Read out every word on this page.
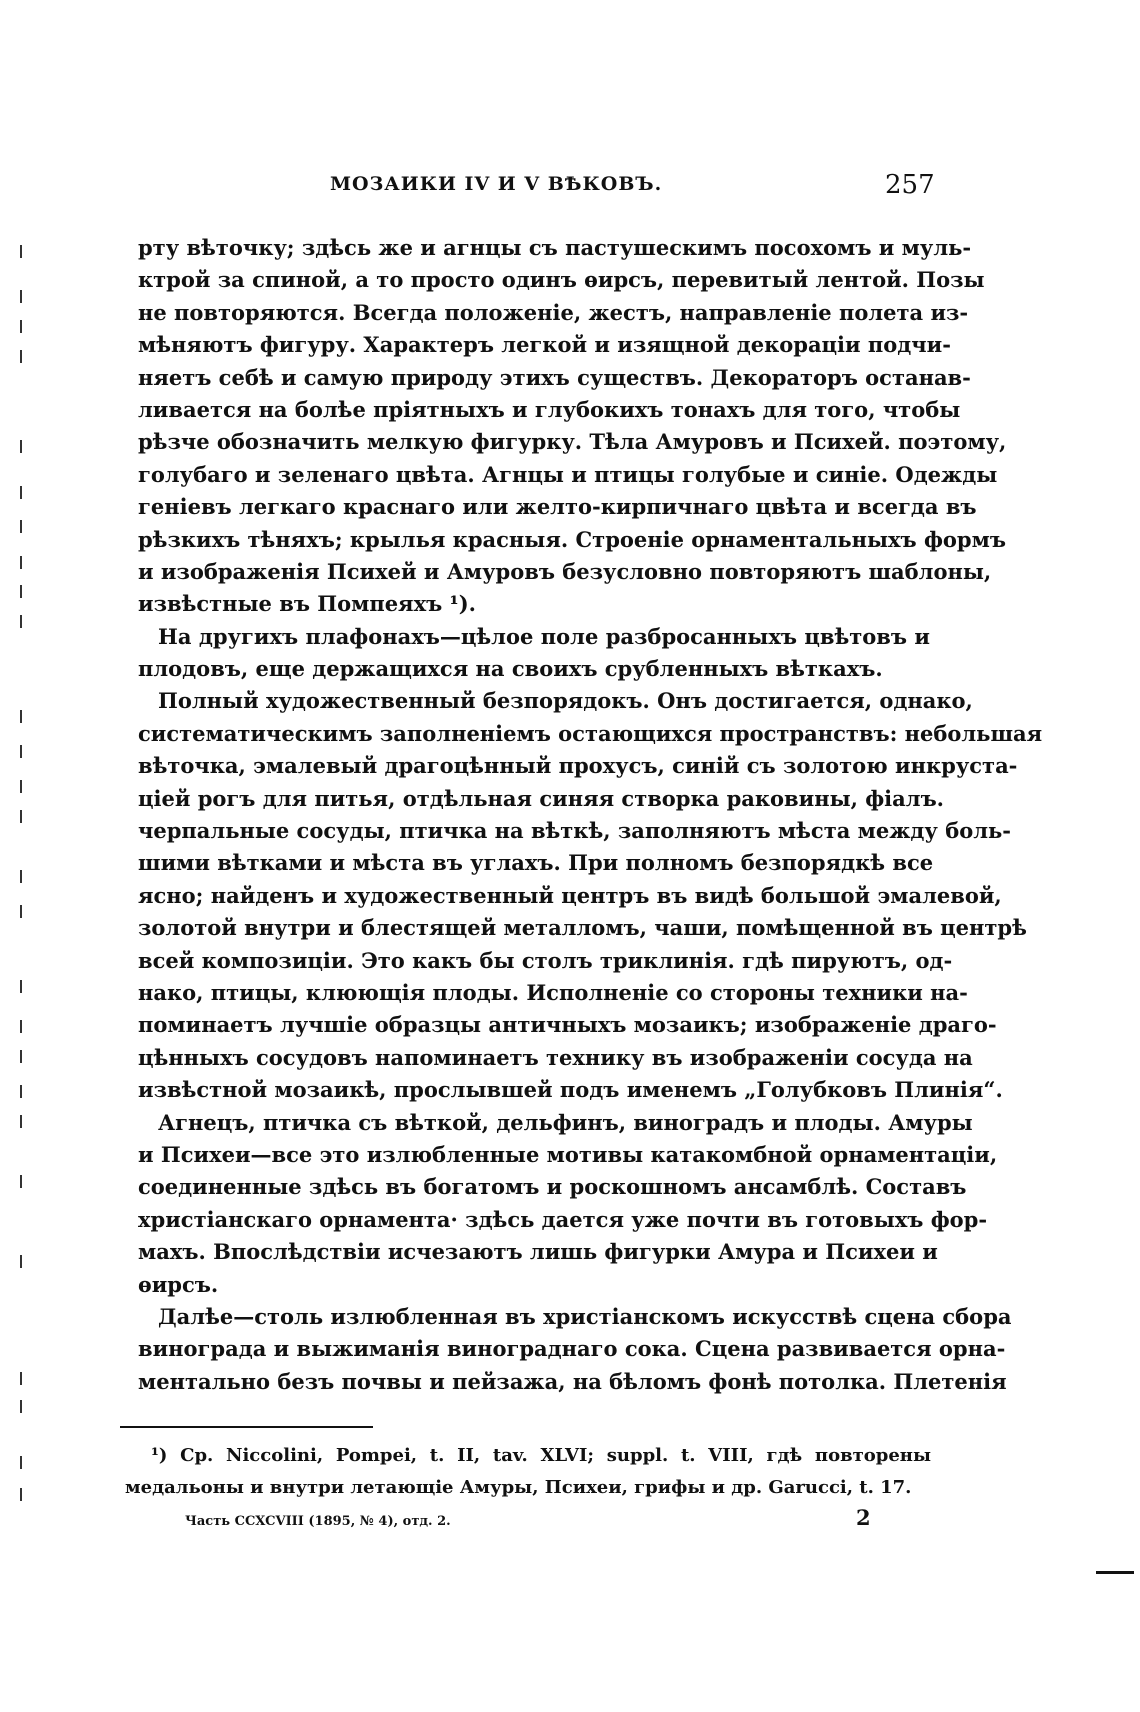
МОЗАИКИ IV И V ВѢКОВЪ.	257
рту вѣточку; здѣсь же и агнцы съ пастушескимъ посохомъ и муль-
ктрой за спиной, а то просто одинъ ѳирсъ, перевитый лентой. Позы
не повторяются. Всегда положеніе, жестъ, направленіе полета из-
мѣняютъ фигуру. Характеръ легкой и изящной декораціи подчи-
няетъ себѣ и самую природу этихъ существъ. Декораторъ останав-
ливается на болѣе пріятныхъ и глубокихъ тонахъ для того, чтобы
рѣзче обозначить мелкую фигурку. Тѣла Амуровъ и Психей. поэтому,
голубаго и зеленаго цвѣта. Агнцы и птицы голубые и синіе. Одежды
геніевъ легкаго краснаго или желто-кирпичнаго цвѣта и всегда въ
рѣзкихъ тѣняхъ; крылья красныя. Строеніе орнаментальныхъ формъ
и изображенія Психей и Амуровъ безусловно повторяютъ шаблоны,
извѣстные въ Помпеяхъ ¹).
На другихъ плафонахъ—цѣлое поле разбросанныхъ цвѣтовъ и
плодовъ, еще держащихся на своихъ срубленныхъ вѣткахъ.
Полный художественный безпорядокъ. Онъ достигается, однако,
систематическимъ заполненіемъ остающихся пространствъ: небольшая
вѣточка, эмалевый драгоцѣнный прохусъ, синій съ золотою инкруста-
ціей рогъ для питья, отдѣльная синяя створка раковины, фіалъ.
черпальные сосуды, птичка на вѣткѣ, заполняютъ мѣста между боль-
шими вѣтками и мѣста въ углахъ. При полномъ безпорядкѣ все
ясно; найденъ и художественный центръ въ видѣ большой эмалевой,
золотой внутри и блестящей металломъ, чаши, помѣщенной въ центрѣ
всей композиціи. Это какъ бы столъ триклинія. гдѣ пируютъ, од-
нако, птицы, клюющія плоды. Исполненіе со стороны техники на-
поминаетъ лучшіе образцы античныхъ мозаикъ; изображеніе драго-
цѣнныхъ сосудовъ напоминаетъ технику въ изображеніи сосуда на
извѣстной мозаикѣ, прослывшей подъ именемъ „Голубковъ Плинія“.
Агнецъ, птичка съ вѣткой, дельфинъ, виноградъ и плоды. Амуры
и Психеи—все это излюбленные мотивы катакомбной орнаментаціи,
соединенные здѣсь въ богатомъ и роскошномъ ансамблѣ. Составъ
христіанскаго орнамента· здѣсь дается уже почти въ готовыхъ фор-
махъ. Впослѣдствіи исчезаютъ лишь фигурки Амура и Психеи и
ѳирсъ.
Далѣе—столь излюбленная въ христіанскомъ искусствѣ сцена сбора
винограда и выжиманія винограднаго сока. Сцена развивается орна-
ментально безъ почвы и пейзажа, на бѣломъ фонѣ потолка. Плетенія
¹) Ср. Niccolini, Pompei, t. II, tav. XLVI; suppl. t. VIII, гдѣ повторены
медальоны и внутри летающіе Амуры, Психеи, грифы и др. Garucci, t. 17.
Часть CCXCVIII (1895, № 4), отд. 2.	2
